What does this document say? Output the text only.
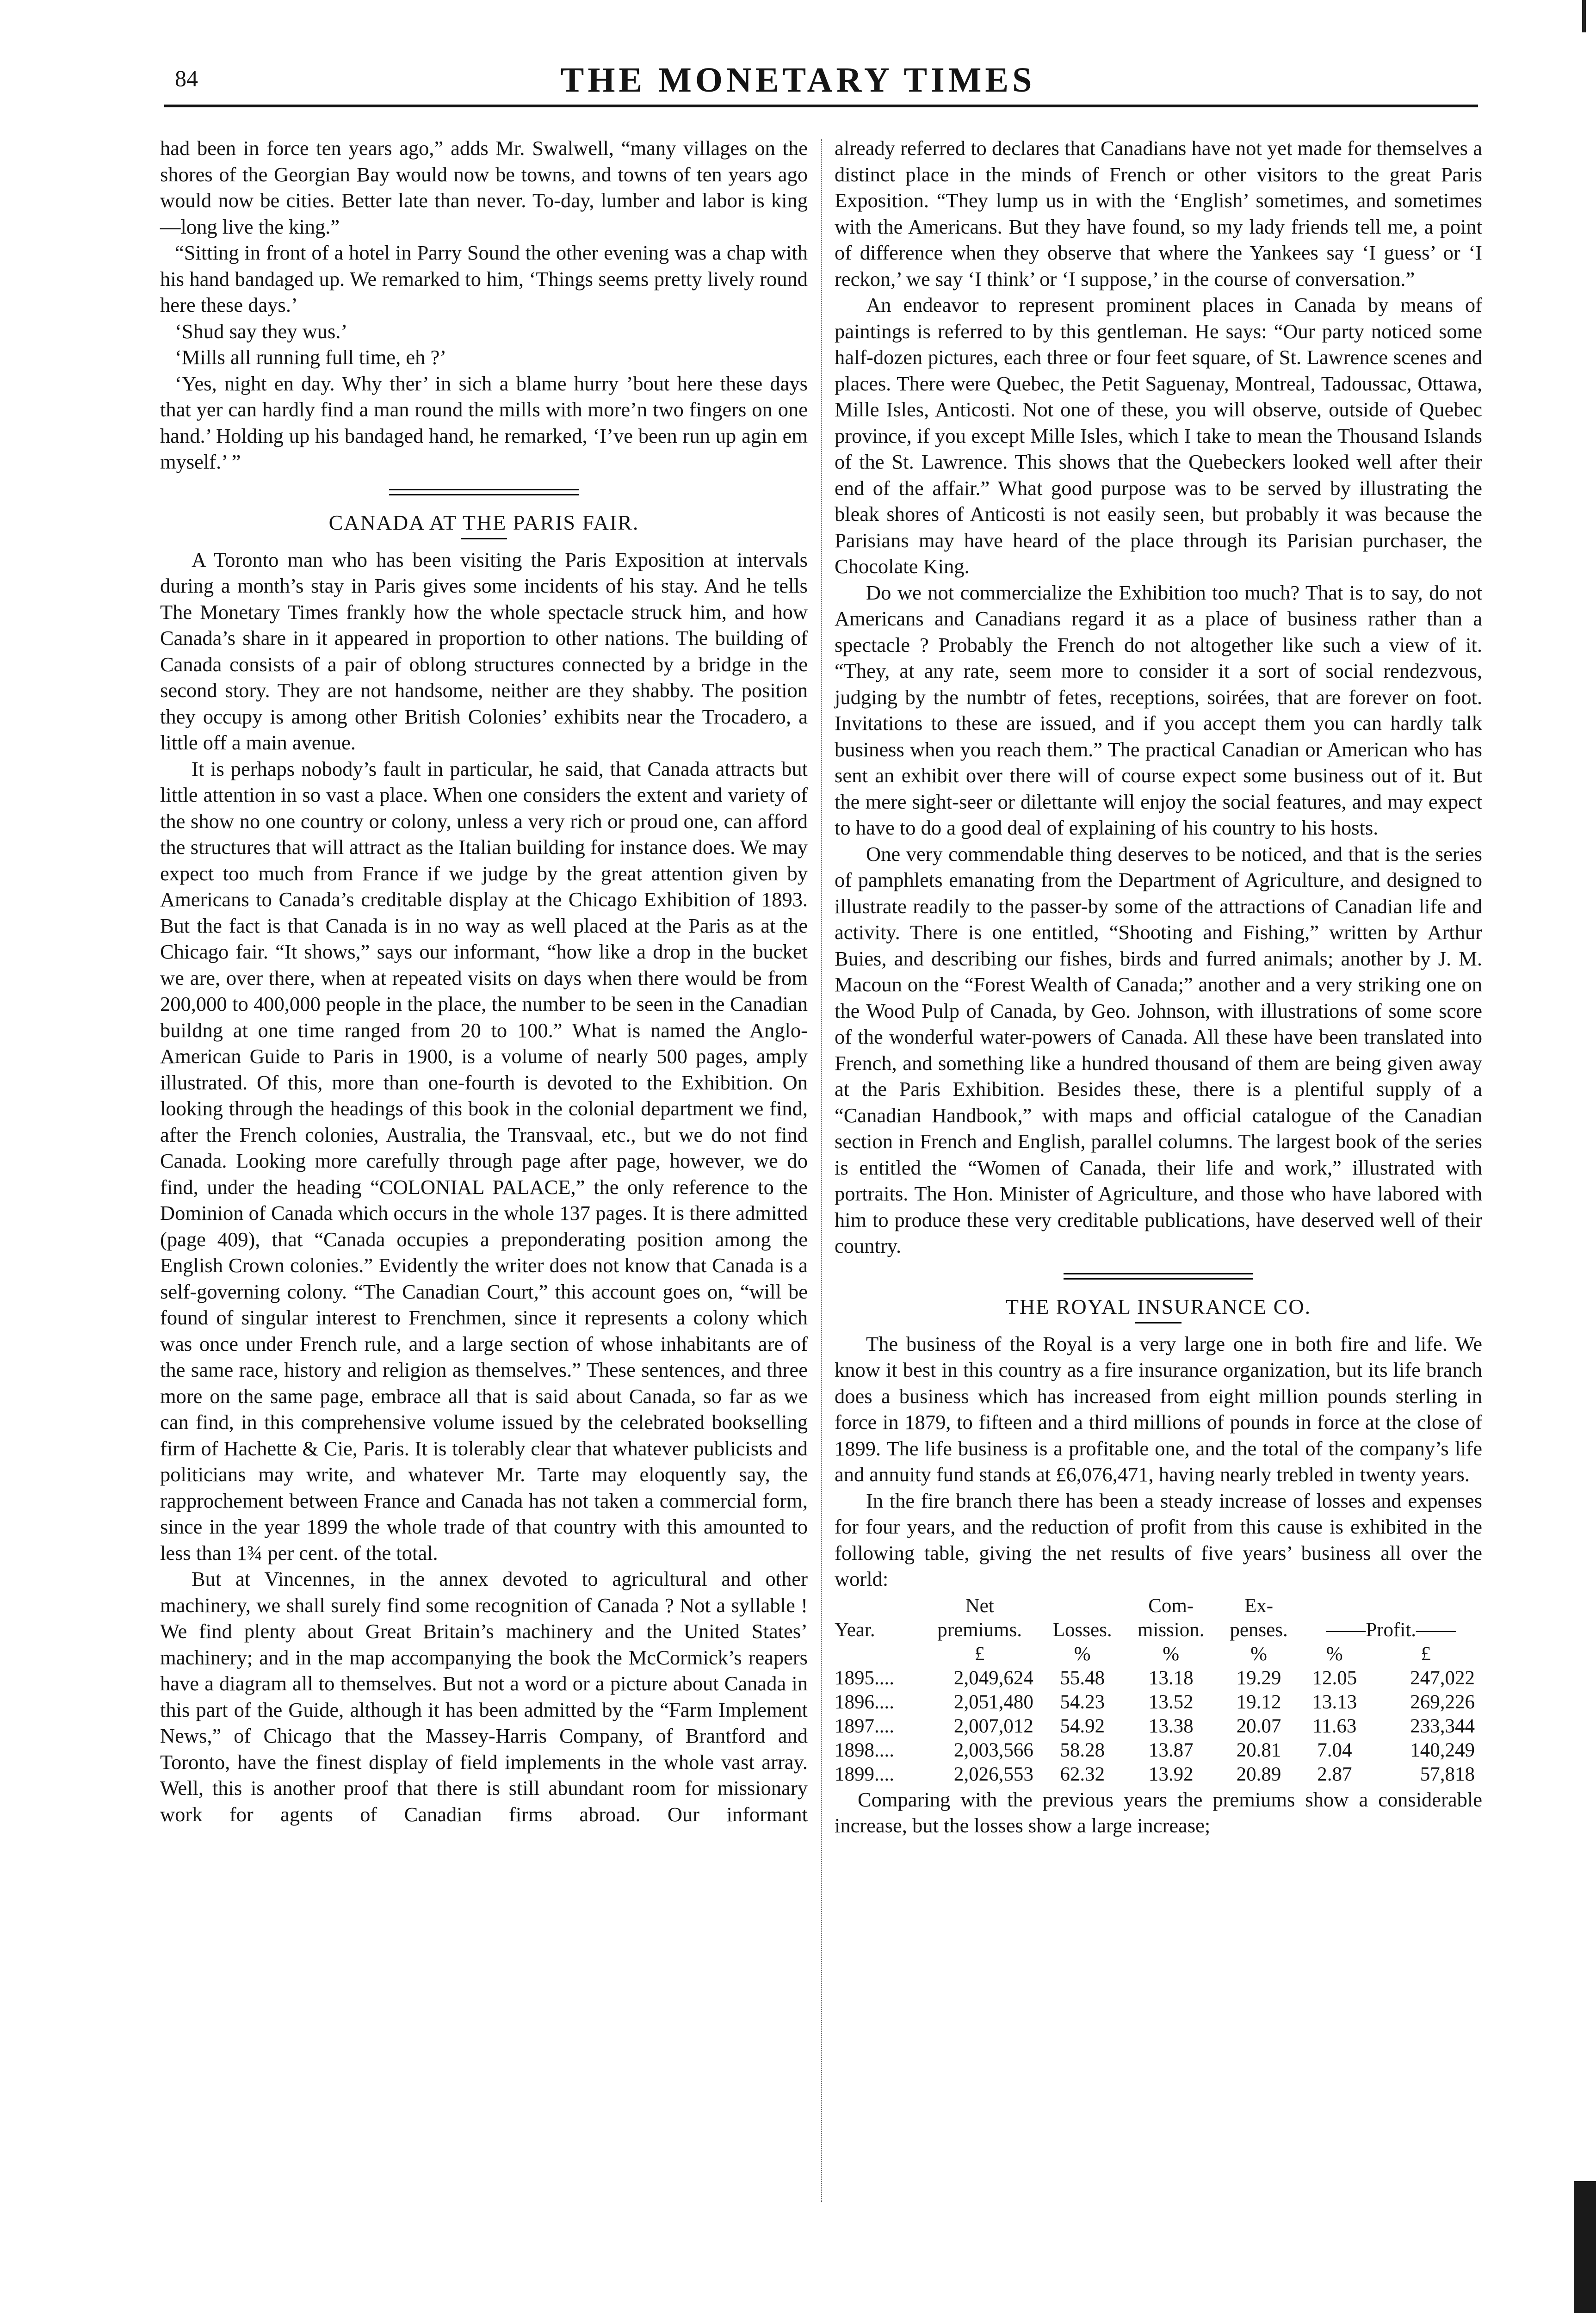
84	THE MONETARY TIMES

had been in force ten years ago,” adds Mr. Swalwell, “many villages on the shores of the Georgian Bay would now be towns, and towns of ten years ago would now be cities. Better late than never. To-day, lumber and labor is king—long live the king.”

“Sitting in front of a hotel in Parry Sound the other evening was a chap with his hand bandaged up. We remarked to him, ‘Things seems pretty lively round here these days.’

‘Shud say they wus.’

‘Mills all running full time, eh ?’

‘Yes, night en day. Why ther’ in sich a blame hurry ’bout here these days that yer can hardly find a man round the mills with more’n two fingers on one hand.’ Holding up his bandaged hand, he remarked, ‘I’ve been run up agin em myself.’ ”

CANADA AT THE PARIS FAIR.

A Toronto man who has been visiting the Paris Exposition at intervals during a month’s stay in Paris gives some incidents of his stay. And he tells The Monetary Times frankly how the whole spectacle struck him, and how Canada’s share in it appeared in proportion to other nations. The building of Canada consists of a pair of oblong structures connected by a bridge in the second story. They are not handsome, neither are they shabby. The position they occupy is among other British Colonies’ exhibits near the Trocadero, a little off a main avenue.

It is perhaps nobody’s fault in particular, he said, that Canada attracts but little attention in so vast a place. When one considers the extent and variety of the show no one country or colony, unless a very rich or proud one, can afford the structures that will attract as the Italian building for instance does. We may expect too much from France if we judge by the great attention given by Americans to Canada’s creditable display at the Chicago Exhibition of 1893. But the fact is that Canada is in no way as well placed at the Paris as at the Chicago fair. “It shows,” says our informant, “how like a drop in the bucket we are, over there, when at repeated visits on days when there would be from 200,000 to 400,000 people in the place, the number to be seen in the Canadian buildng at one time ranged from 20 to 100.” What is named the Anglo-American Guide to Paris in 1900, is a volume of nearly 500 pages, amply illustrated. Of this, more than one-fourth is devoted to the Exhibition. On looking through the headings of this book in the colonial department we find, after the French colonies, Australia, the Transvaal, etc., but we do not find Canada. Looking more carefully through page after page, however, we do find, under the heading “COLONIAL PALACE,” the only reference to the Dominion of Canada which occurs in the whole 137 pages. It is there admitted (page 409), that “Canada occupies a preponderating position among the English Crown colonies.” Evidently the writer does not know that Canada is a self-governing colony. “The Canadian Court,” this account goes on, “will be found of singular interest to Frenchmen, since it represents a colony which was once under French rule, and a large section of whose inhabitants are of the same race, history and religion as themselves.” These sentences, and three more on the same page, embrace all that is said about Canada, so far as we can find, in this comprehensive volume issued by the celebrated bookselling firm of Hachette & Cie, Paris. It is tolerably clear that whatever publicists and politicians may write, and whatever Mr. Tarte may eloquently say, the rapprochement between France and Canada has not taken a commercial form, since in the year 1899 the whole trade of that country with this amounted to less than 1¾ per cent. of the total.

But at Vincennes, in the annex devoted to agricultural and other machinery, we shall surely find some recognition of Canada ? Not a syllable ! We find plenty about Great Britain’s machinery and the United States’ machinery; and in the map accompanying the book the McCormick’s reapers have a diagram all to themselves. But not a word or a picture about Canada in this part of the Guide, although it has been admitted by the “Farm Implement News,” of Chicago that the Massey-Harris Company, of Brantford and Toronto, have the finest display of field implements in the whole vast array. Well, this is another proof that there is still abundant room for missionary work for agents of Canadian firms abroad. Our informant

already referred to declares that Canadians have not yet made for themselves a distinct place in the minds of French or other visitors to the great Paris Exposition. “They lump us in with the ‘English’ sometimes, and sometimes with the Americans. But they have found, so my lady friends tell me, a point of difference when they observe that where the Yankees say ‘I guess’ or ‘I reckon,’ we say ‘I think’ or ‘I suppose,’ in the course of conversation.”

An endeavor to represent prominent places in Canada by means of paintings is referred to by this gentleman. He says: “Our party noticed some half-dozen pictures, each three or four feet square, of St. Lawrence scenes and places. There were Quebec, the Petit Saguenay, Montreal, Tadoussac, Ottawa, Mille Isles, Anticosti. Not one of these, you will observe, outside of Quebec province, if you except Mille Isles, which I take to mean the Thousand Islands of the St. Lawrence. This shows that the Quebeckers looked well after their end of the affair.” What good purpose was to be served by illustrating the bleak shores of Anticosti is not easily seen, but probably it was because the Parisians may have heard of the place through its Parisian purchaser, the Chocolate King.

Do we not commercialize the Exhibition too much? That is to say, do not Americans and Canadians regard it as a place of business rather than a spectacle ? Probably the French do not altogether like such a view of it. “They, at any rate, seem more to consider it a sort of social rendezvous, judging by the numbtr of fetes, receptions, soirées, that are forever on foot. Invitations to these are issued, and if you accept them you can hardly talk business when you reach them.” The practical Canadian or American who has sent an exhibit over there will of course expect some business out of it. But the mere sight-seer or dilettante will enjoy the social features, and may expect to have to do a good deal of explaining of his country to his hosts.

One very commendable thing deserves to be noticed, and that is the series of pamphlets emanating from the Department of Agriculture, and designed to illustrate readily to the passer-by some of the attractions of Canadian life and activity. There is one entitled, “Shooting and Fishing,” written by Arthur Buies, and describing our fishes, birds and furred animals; another by J. M. Macoun on the “Forest Wealth of Canada;” another and a very striking one on the Wood Pulp of Canada, by Geo. Johnson, with illustrations of some score of the wonderful water-powers of Canada. All these have been translated into French, and something like a hundred thousand of them are being given away at the Paris Exhibition. Besides these, there is a plentiful supply of a “Canadian Handbook,” with maps and official catalogue of the Canadian section in French and English, parallel columns. The largest book of the series is entitled the “Women of Canada, their life and work,” illustrated with portraits. The Hon. Minister of Agriculture, and those who have labored with him to produce these very creditable publications, have deserved well of their country.

THE ROYAL INSURANCE CO.

The business of the Royal is a very large one in both fire and life. We know it best in this country as a fire insurance organization, but its life branch does a business which has increased from eight million pounds sterling in force in 1879, to fifteen and a third millions of pounds in force at the close of 1899. The life business is a profitable one, and the total of the company’s life and annuity fund stands at £6,076,471, having nearly trebled in twenty years.

In the fire branch there has been a steady increase of losses and expenses for four years, and the reduction of profit from this cause is exhibited in the following table, giving the net results of five years’ business all over the world:

	Net		Com-	Ex-		
Year.	premiums.	Losses.	mission.	penses.	——Profit.——	
	£	%	%	%	%	£
1895....	2,049,624	55.48	13.18	19.29	12.05	247,022
1896....	2,051,480	54.23	13.52	19.12	13.13	269,226
1897....	2,007,012	54.92	13.38	20.07	11.63	233,344
1898....	2,003,566	58.28	13.87	20.81	7.04	140,249
1899....	2,026,553	62.32	13.92	20.89	2.87	57,818

Comparing with the previous years the premiums show a considerable increase, but the losses show a large increase;
